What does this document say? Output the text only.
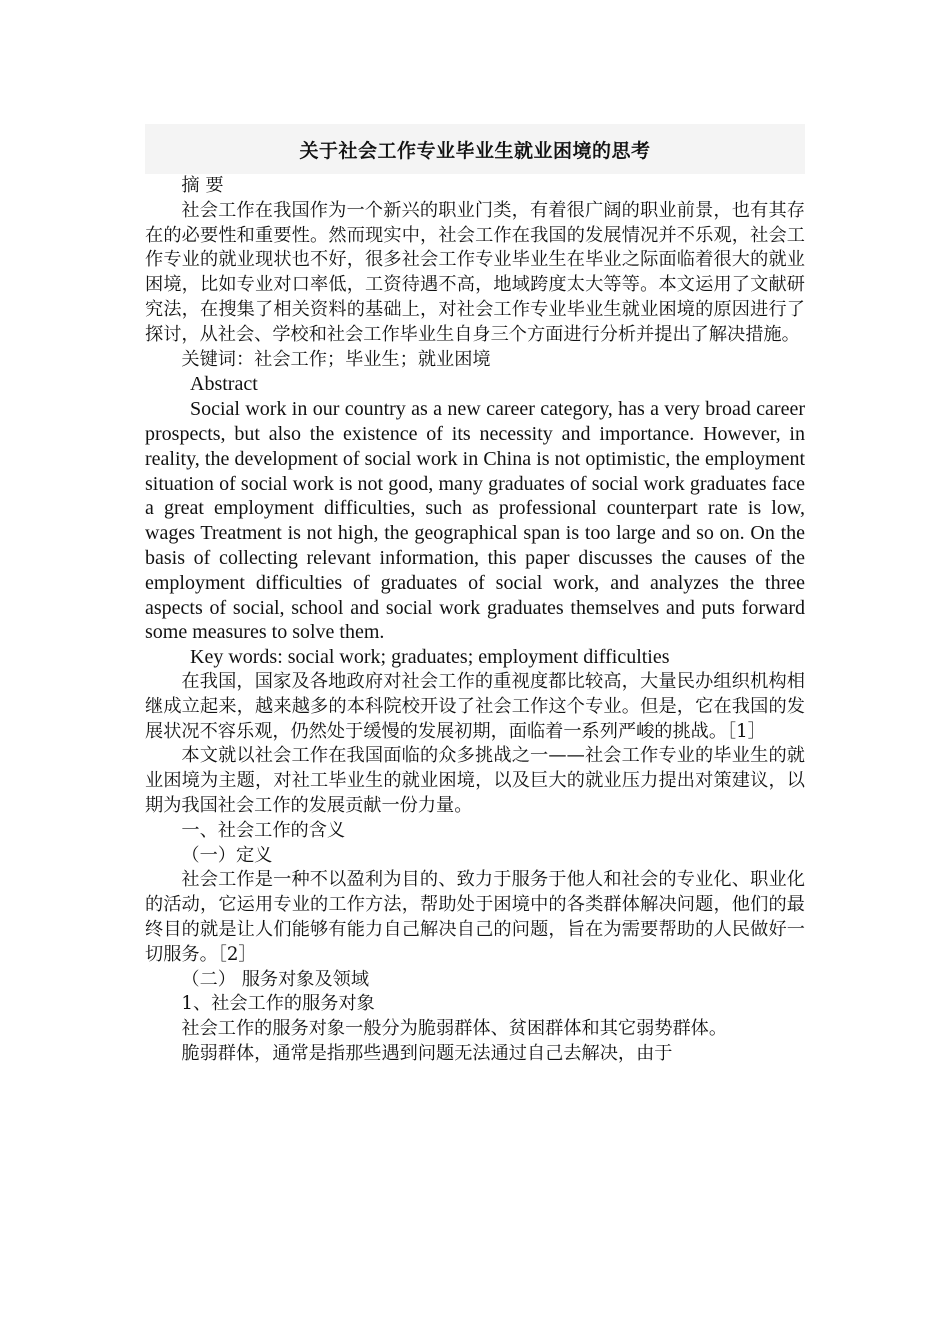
关于社会工作专业毕业生就业困境的思考

摘 要

社会工作在我国作为一个新兴的职业门类，有着很广阔的职业前景，也有其存在的必要性和重要性。然而现实中，社会工作在我国的发展情况并不乐观，社会工作专业的就业现状也不好，很多社会工作专业毕业生在毕业之际面临着很大的就业困境，比如专业对口率低，工资待遇不高，地域跨度太大等等。本文运用了文献研究法，在搜集了相关资料的基础上，对社会工作专业毕业生就业困境的原因进行了探讨，从社会、学校和社会工作毕业生自身三个方面进行分析并提出了解决措施。

关键词：社会工作；毕业生；就业困境

Abstract

Social work in our country as a new career category, has a very broad career prospects, but also the existence of its necessity and importance. However, in reality, the development of social work in China is not optimistic, the employment situation of social work is not good, many graduates of social work graduates face a great employment difficulties, such as professional counterpart rate is low, wages Treatment is not high, the geographical span is too large and so on. On the basis of collecting relevant information, this paper discusses the causes of the employment difficulties of graduates of social work, and analyzes the three aspects of social, school and social work graduates themselves and puts forward some measures to solve them.

Key words: social work; graduates; employment difficulties

在我国，国家及各地政府对社会工作的重视度都比较高，大量民办组织机构相继成立起来，越来越多的本科院校开设了社会工作这个专业。但是，它在我国的发展状况不容乐观，仍然处于缓慢的发展初期，面临着一系列严峻的挑战。［1］

本文就以社会工作在我国面临的众多挑战之一——社会工作专业的毕业生的就业困境为主题，对社工毕业生的就业困境，以及巨大的就业压力提出对策建议，以期为我国社会工作的发展贡献一份力量。

一、社会工作的含义

（一）定义

社会工作是一种不以盈利为目的、致力于服务于他人和社会的专业化、职业化的活动，它运用专业的工作方法，帮助处于困境中的各类群体解决问题，他们的最终目的就是让人们能够有能力自己解决自己的问题，旨在为需要帮助的人民做好一切服务。［2］

（二） 服务对象及领域

1、社会工作的服务对象

社会工作的服务对象一般分为脆弱群体、贫困群体和其它弱势群体。

脆弱群体，通常是指那些遇到问题无法通过自己去解决，由于
